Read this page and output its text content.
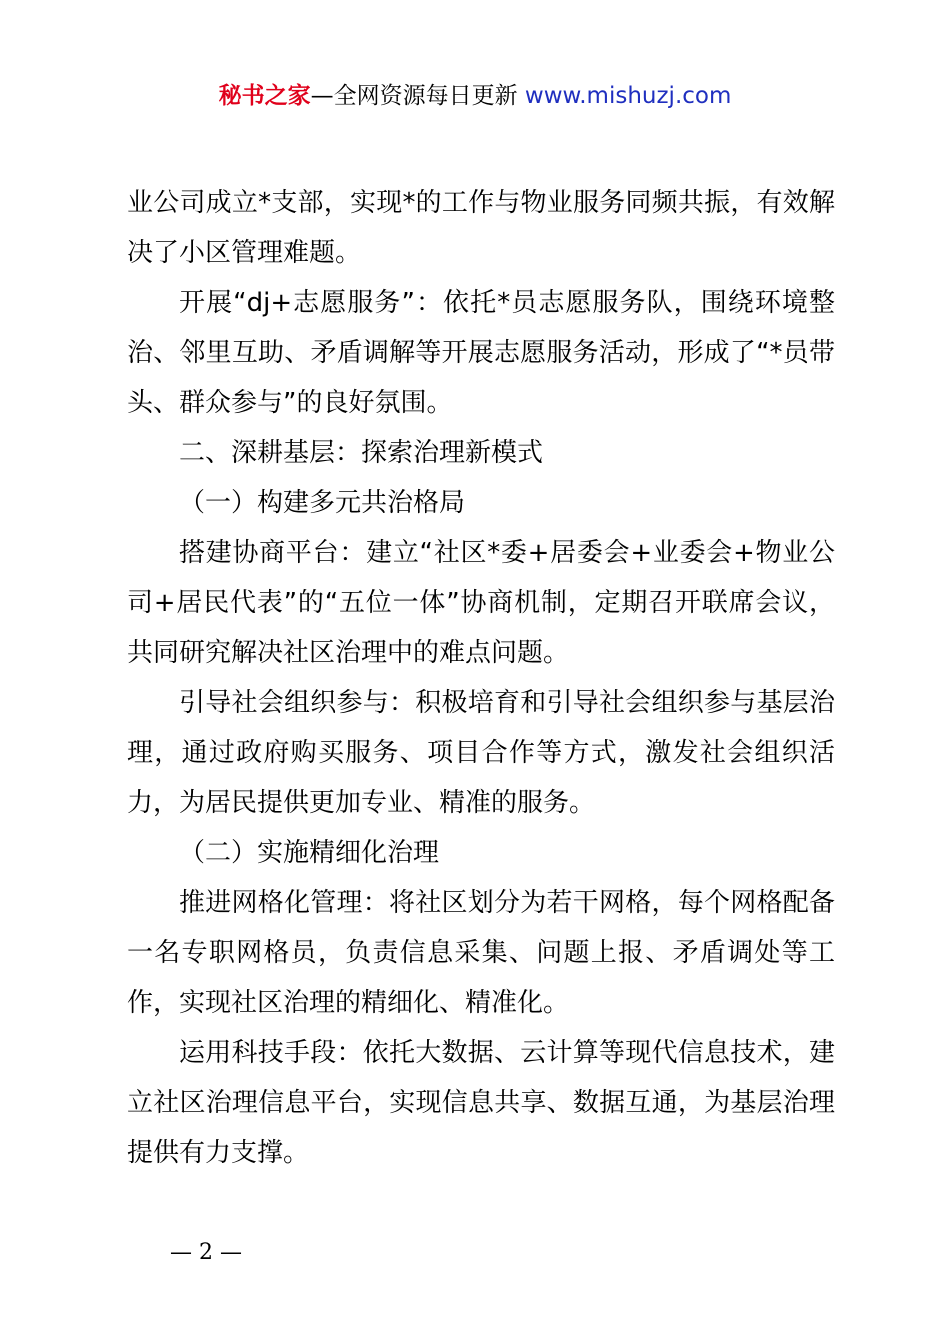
秘书之家—全网资源每日更新 www.mishuzj.com

业公司成立*支部，实现*的工作与物业服务同频共振，有效解决了小区管理难题。

开展“dj+志愿服务”：依托*员志愿服务队，围绕环境整治、邻里互助、矛盾调解等开展志愿服务活动，形成了“*员带头、群众参与”的良好氛围。

二、深耕基层：探索治理新模式

（一）构建多元共治格局

搭建协商平台：建立“社区*委+居委会+业委会+物业公司+居民代表”的“五位一体”协商机制，定期召开联席会议，共同研究解决社区治理中的难点问题。

引导社会组织参与：积极培育和引导社会组织参与基层治理，通过政府购买服务、项目合作等方式，激发社会组织活力，为居民提供更加专业、精准的服务。

（二）实施精细化治理

推进网格化管理：将社区划分为若干网格，每个网格配备一名专职网格员，负责信息采集、问题上报、矛盾调处等工作，实现社区治理的精细化、精准化。

运用科技手段：依托大数据、云计算等现代信息技术，建立社区治理信息平台，实现信息共享、数据互通，为基层治理提供有力支撑。

— 2 —
